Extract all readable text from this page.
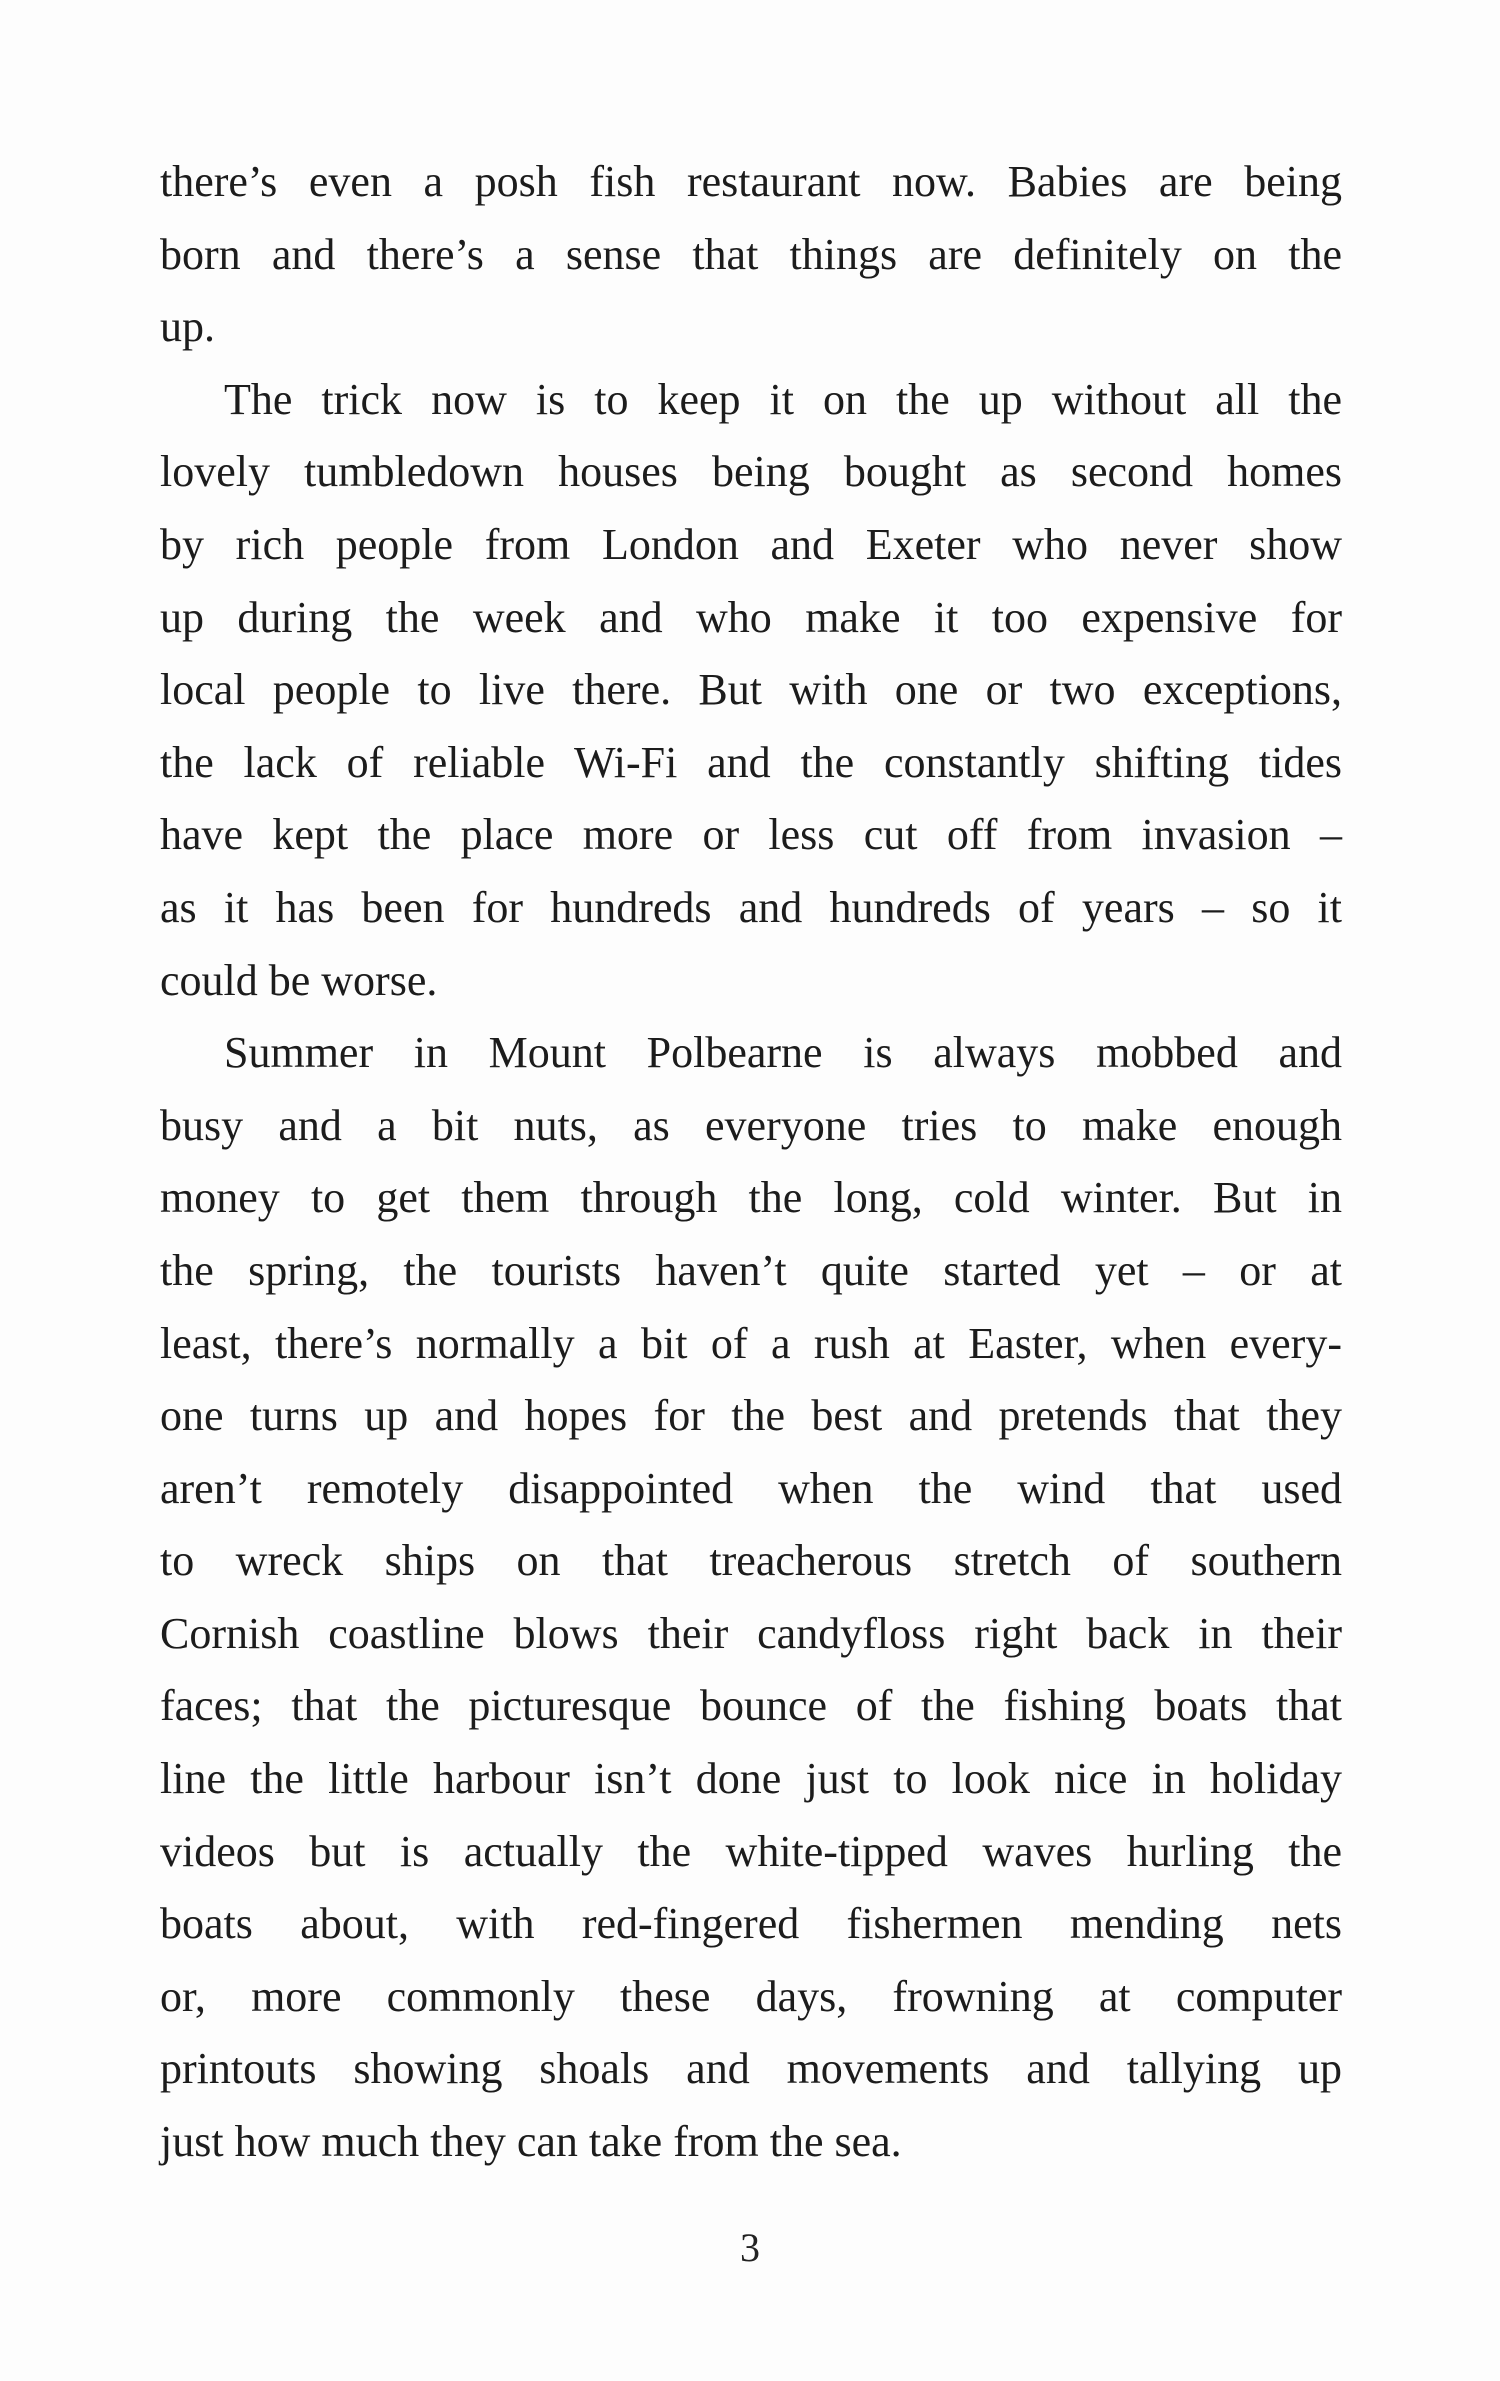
there’s even a posh fish restaurant now. Babies are being
born and there’s a sense that things are definitely on the
up.
The trick now is to keep it on the up without all the
lovely tumbledown houses being bought as second homes
by rich people from London and Exeter who never show
up during the week and who make it too expensive for
local people to live there. But with one or two exceptions,
the lack of reliable Wi-Fi and the constantly shifting tides
have kept the place more or less cut off from invasion –
as it has been for hundreds and hundreds of years – so it
could be worse.
Summer in Mount Polbearne is always mobbed and
busy and a bit nuts, as everyone tries to make enough
money to get them through the long, cold winter. But in
the spring, the tourists haven’t quite started yet – or at
least, there’s normally a bit of a rush at Easter, when every-
one turns up and hopes for the best and pretends that they
aren’t remotely disappointed when the wind that used
to wreck ships on that treacherous stretch of southern
Cornish coastline blows their candyfloss right back in their
faces; that the picturesque bounce of the fishing boats that
line the little harbour isn’t done just to look nice in holiday
videos but is actually the white-tipped waves hurling the
boats about, with red-fingered fishermen mending nets
or, more commonly these days, frowning at computer
printouts showing shoals and movements and tallying up
just how much they can take from the sea.
3
